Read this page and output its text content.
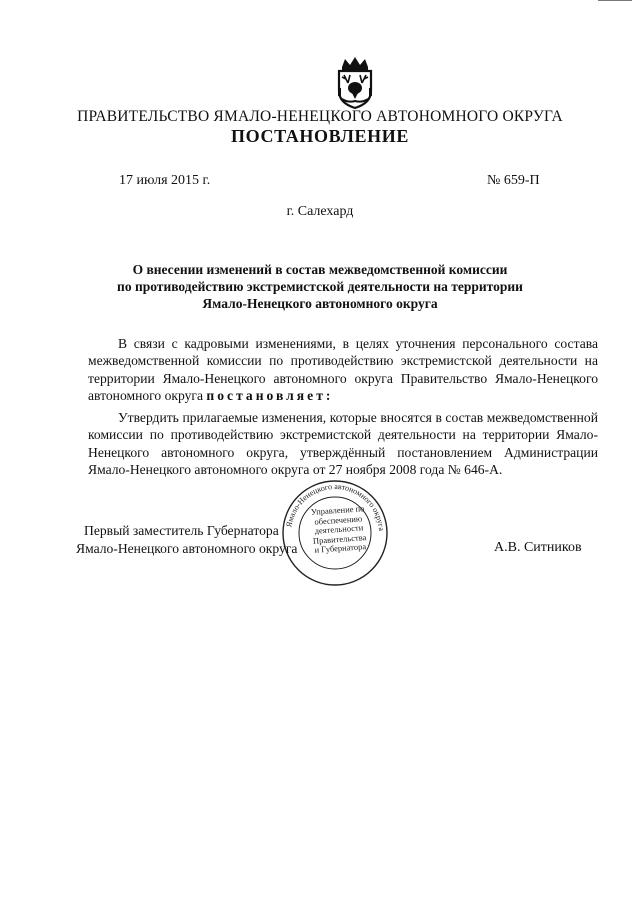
ПРАВИТЕЛЬСТВО ЯМАЛО-НЕНЕЦКОГО АВТОНОМНОГО ОКРУГА
ПОСТАНОВЛЕНИЕ
17 июля 2015 г.	№ 659-П
г. Салехард
О внесении изменений в состав межведомственной комиссии
по противодействию экстремистской деятельности на территории
Ямало-Ненецкого автономного округа
В связи с кадровыми изменениями, в целях уточнения персонального состава межведомственной комиссии по противодействию экстремистской деятельности на территории Ямало-Ненецкого автономного округа Правительство Ямало-Ненецкого автономного округа постановляет:
Утвердить прилагаемые изменения, которые вносятся в состав межведомственной комиссии по противодействию экстремистской деятельности на территории Ямало-Ненецкого автономного округа, утверждённый постановлением Администрации Ямало-Ненецкого автономного округа от 27 ноября 2008 года № 646-А.
Первый заместитель Губернатора
Ямало-Ненецкого автономного округа
Ямало-Ненецкого автономного округа
Управление по
обеспечению
деятельности
Правительства
и Губернатора	А.В. Ситников
